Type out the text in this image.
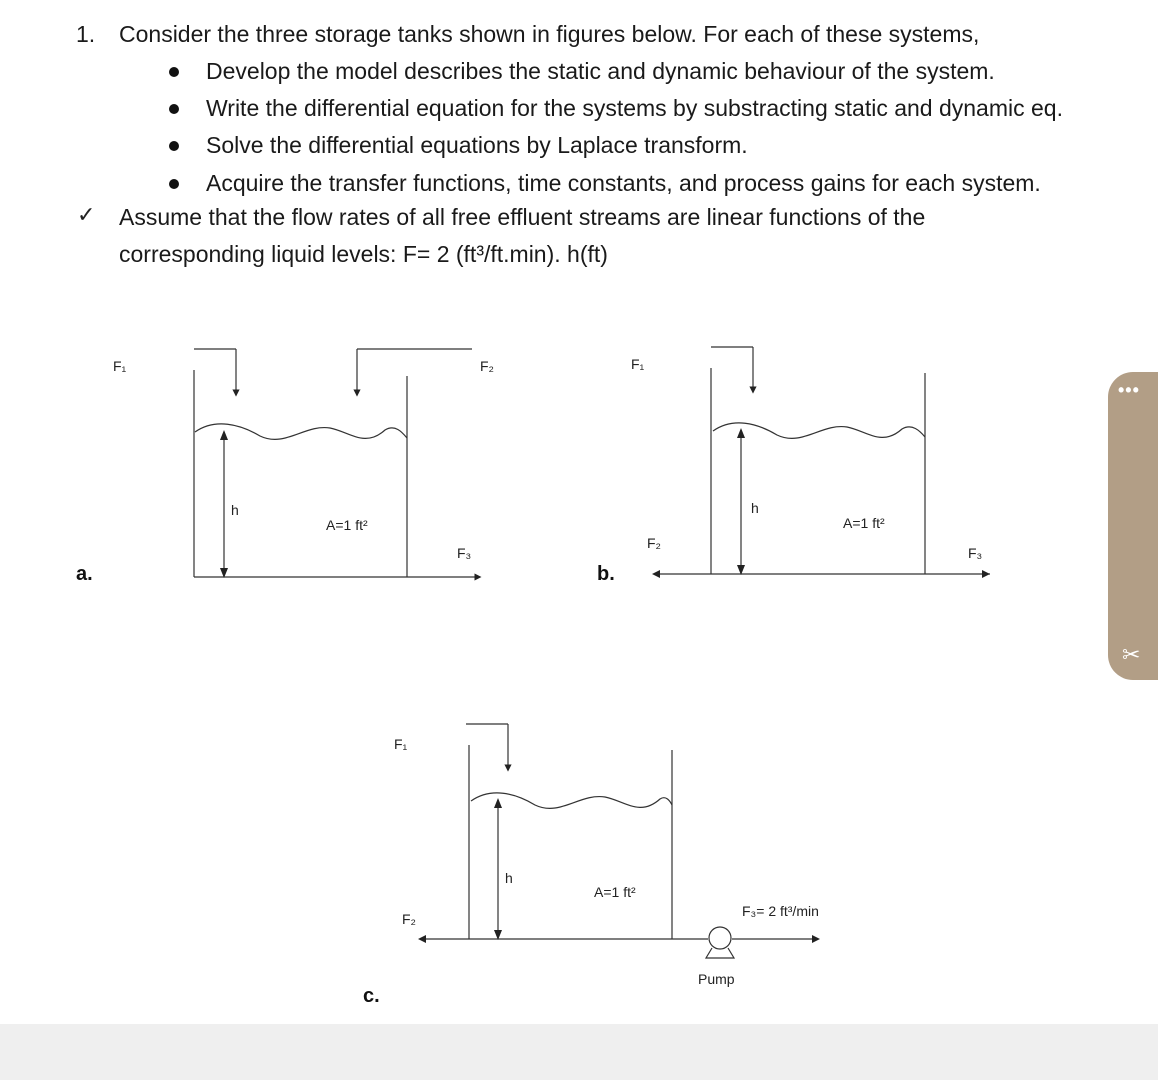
1. Consider the three storage tanks shown in figures below. For each of these systems,
Develop the model describes the static and dynamic behaviour of the system.
Write the differential equation for the systems by substracting static and dynamic eq.
Solve the differential equations by Laplace transform.
Acquire the transfer functions, time constants, and process gains for each system.
✓ Assume that the flow rates of all free effluent streams are linear functions of the
corresponding liquid levels: F= 2 (ft³/ft.min). h(ft)
F₁	F₂
h
A=1 ft²
F₃
a.
F₁
h
A=1 ft²
F₂
F₃
b.
F₁
h
A=1 ft²
F₃= 2 ft³/min
F₂
Pump
c.
•••
✂
